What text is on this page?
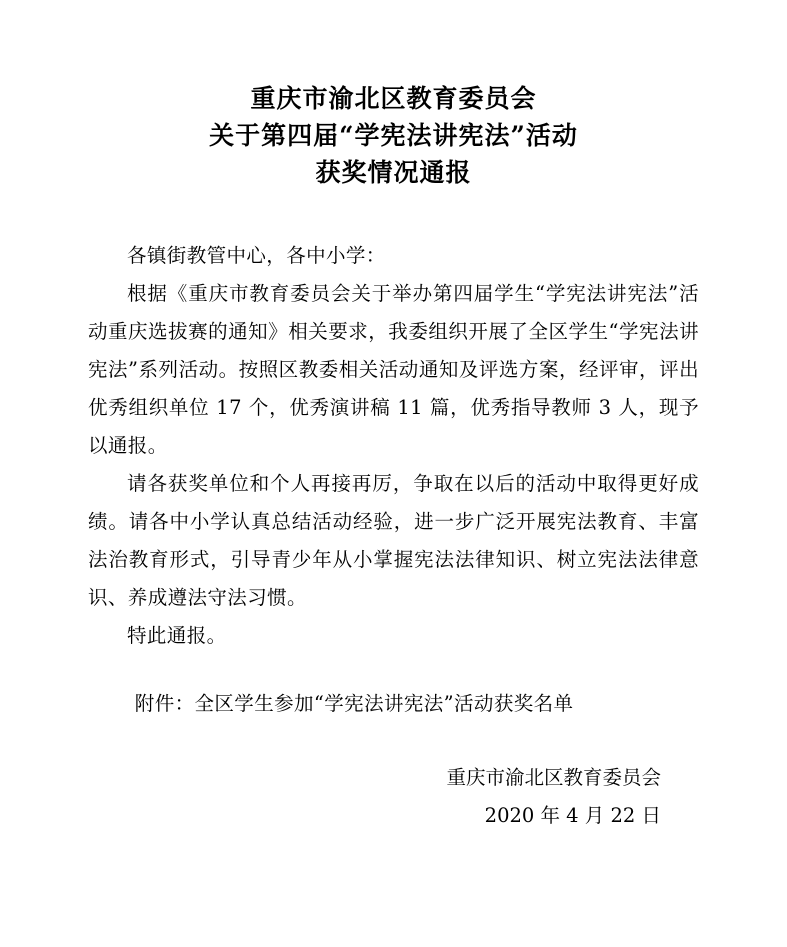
重庆市渝北区教育委员会
关于第四届“学宪法讲宪法”活动
获奖情况通报

各镇街教管中心，各中小学：

根据《重庆市教育委员会关于举办第四届学生“学宪法讲宪法”活动重庆选拔赛的通知》相关要求，我委组织开展了全区学生“学宪法讲宪法”系列活动。按照区教委相关活动通知及评选方案，经评审，评出优秀组织单位 17 个，优秀演讲稿 11 篇，优秀指导教师 3 人，现予以通报。

请各获奖单位和个人再接再厉，争取在以后的活动中取得更好成绩。请各中小学认真总结活动经验，进一步广泛开展宪法教育、丰富法治教育形式，引导青少年从小掌握宪法法律知识、树立宪法法律意识、养成遵法守法习惯。

特此通报。

附件：全区学生参加“学宪法讲宪法”活动获奖名单

重庆市渝北区教育委员会

2020 年 4 月 22 日
